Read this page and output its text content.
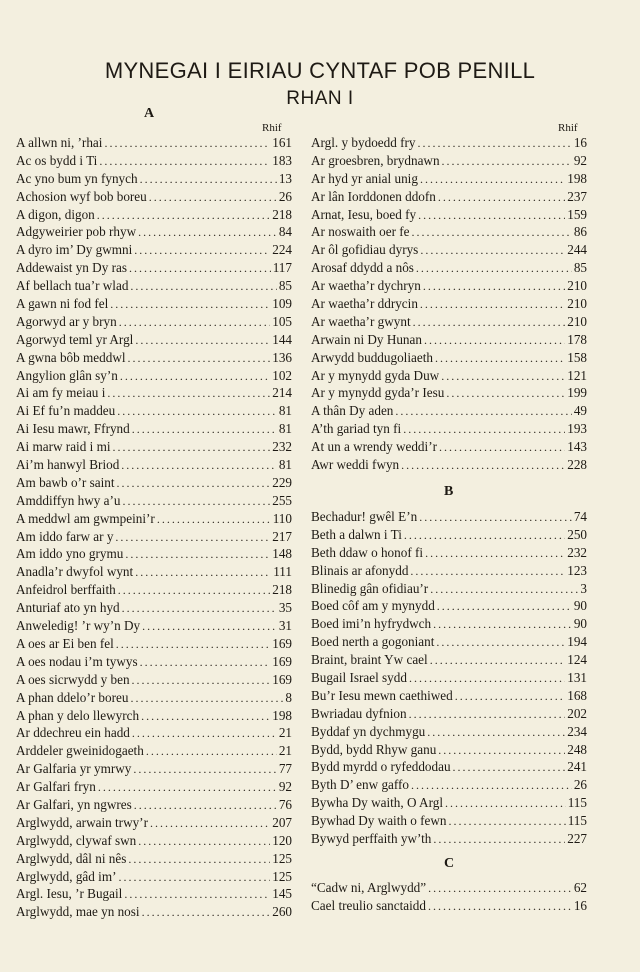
MYNEGAI I EIRIAU CYNTAF POB PENILL
RHAN I
A
Rhif	Rhif
A allwn ni, ’rhai .....	161
Ac os bydd i Ti .....	183
Ac yno bum yn fynych .....	13
Achosion wyf bob boreu .....	26
A digon, digon .....	218
Adgyweirier pob rhyw .....	84
A dyro im’ Dy gwmni .....	224
Addewaist yn Dy ras .....	117
Af bellach tua’r wlad .....	85
A gawn ni fod fel .....	109
Agorwyd ar y bryn .....	105
Agorwyd teml yr Argl .....	144
A gwna bôb meddwl .....	136
Angylion glân sy’n .....	102
Ai am fy meiau i .....	214
Ai Ef fu’n maddeu .....	81
Ai Iesu mawr, Ffrynd .....	81
Ai marw raid i mi .....	232
Ai’m hanwyl Briod .....	81
Am bawb o’r saint .....	229
Amddiffyn hwy a’u .....	255
A meddwl am gwmpeini’r .....	110
Am iddo farw ar y .....	217
Am iddo yno grymu .....	148
Anadla’r dwyfol wynt .....	111
Anfeidrol berffaith .....	218
Anturiaf ato yn hyd .....	35
Anweledig! ’r wy’n Dy .....	31
A oes ar Ei ben fel .....	169
A oes nodau i’m tywys .....	169
A oes sicrwydd y ben .....	169
A phan ddelo’r boreu .....	8
A phan y delo llewyrch .....	198
Ar ddechreu ein hadd .....	21
Arddeler gweinidogaeth .....	21
Ar Galfaria yr ymrwy .....	77
Ar Galfari fryn .....	92
Ar Galfari, yn ngwres .....	76
Arglwydd, arwain trwy’r .....	207
Arglwydd, clywaf swn .....	120
Arglwydd, dâl ni nês .....	125
Arglwydd, gâd im’ .....	125
Argl. Iesu, ’r Bugail .....	145
Arglwydd, mae yn nosi .....	260
Argl. y bydoedd fry .....	16
Ar groesbren, brydnawn .....	92
Ar hyd yr anial unig .....	198
Ar lân Iorddonen ddofn .....	237
Arnat, Iesu, boed fy .....	159
Ar noswaith oer fe .....	86
Ar ôl gofidiau dyrys .....	244
Arosaf ddydd a nôs .....	85
Ar waetha’r dychryn .....	210
Ar waetha’r ddrycin .....	210
Ar waetha’r gwynt .....	210
Arwain ni Dy Hunan .....	178
Arwydd buddugoliaeth .....	158
Ar y mynydd gyda Duw .....	121
Ar y mynydd gyda’r Iesu .....	199
A thân Dy aden .....	49
A’th gariad tyn fi .....	193
At un a wrendy weddi’r .....	143
Awr weddi fwyn .....	228
B
Bechadur! gwêl E’n .....	74
Beth a dalwn i Ti .....	250
Beth ddaw o honof fi .....	232
Blinais ar afonydd .....	123
Blinedig gân ofidiau’r .....	3
Boed côf am y mynydd .....	90
Boed imi’n hyfrydwch .....	90
Boed nerth a gogoniant .....	194
Braint, braint Yw cael .....	124
Bugail Israel sydd .....	131
Bu’r Iesu mewn caethiwed .....	168
Bwriadau dyfnion .....	202
Byddaf yn dychmygu .....	234
Bydd, bydd Rhyw ganu .....	248
Bydd myrdd o ryfeddodau .....	241
Byth D’ enw gaffo .....	26
Bywha Dy waith, O Argl .....	115
Bywhad Dy waith o fewn .....	115
Bywyd perffaith yw’th .....	227
C
“Cadw ni, Arglwydd” .....	62
Cael treulio sanctaidd .....	16
